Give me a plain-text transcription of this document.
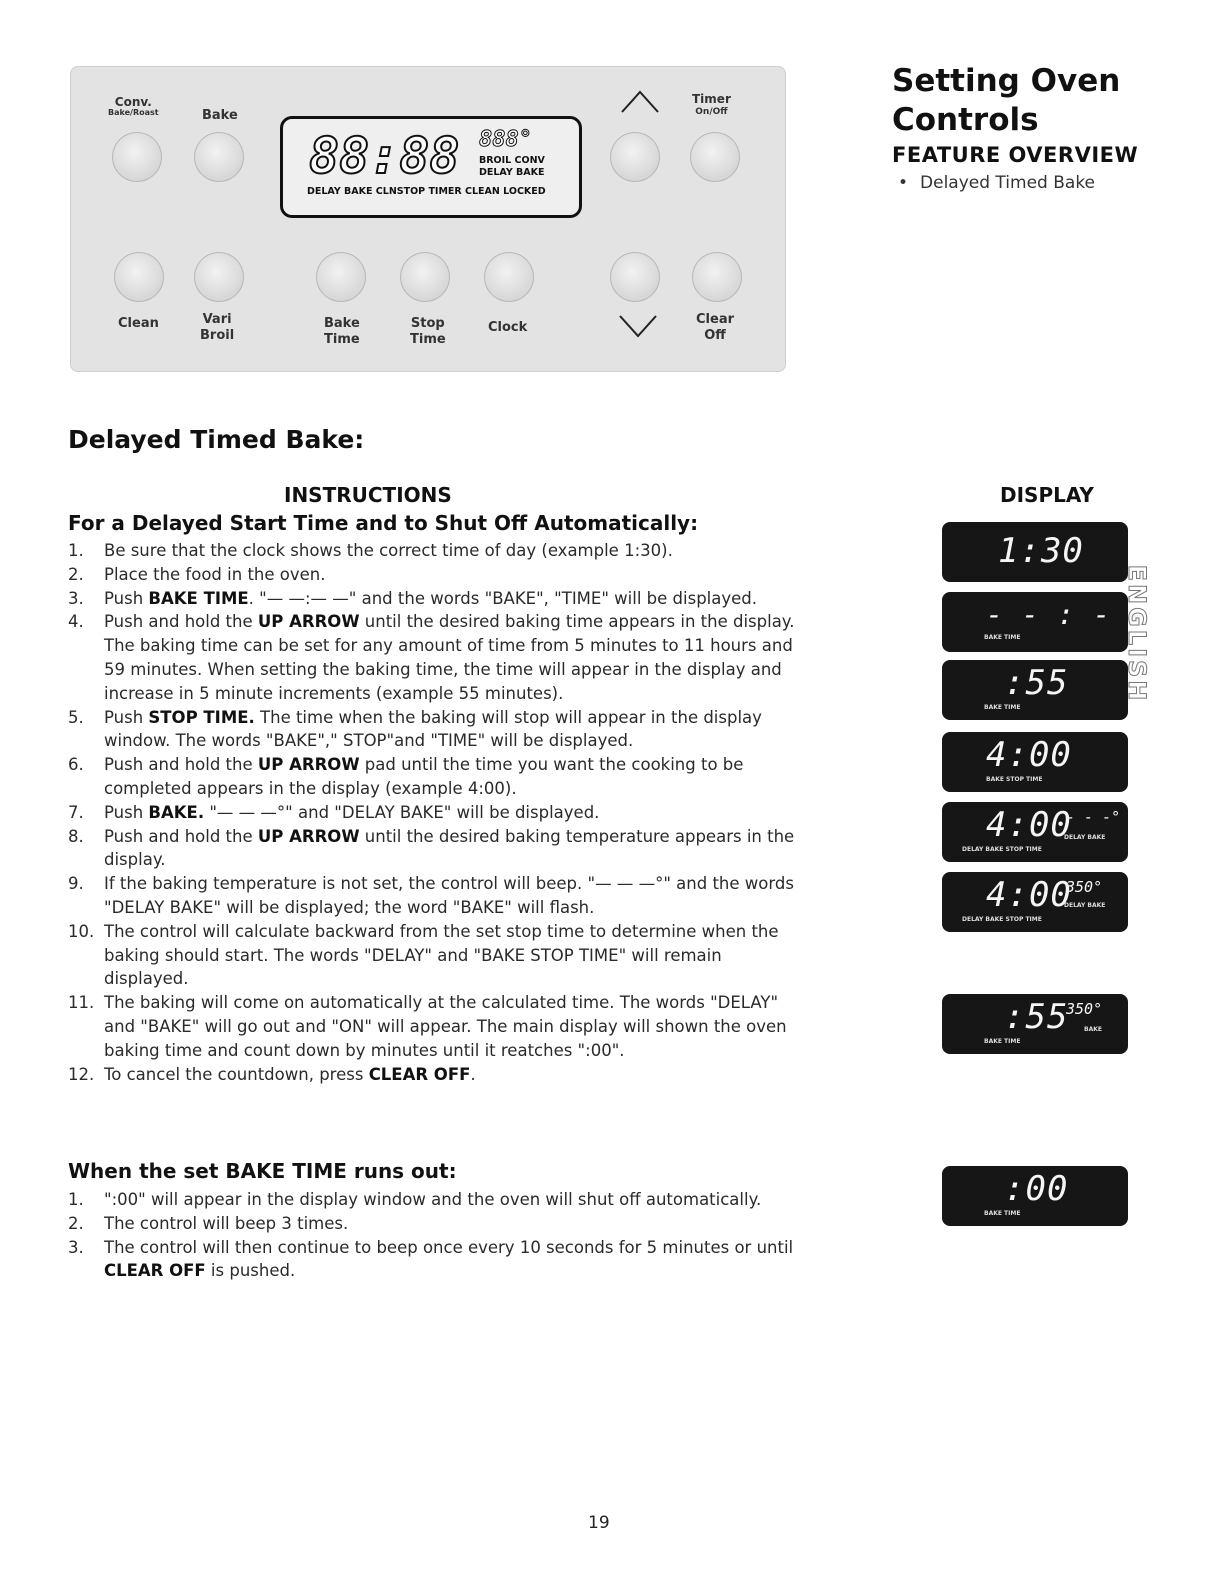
Conv.
Bake/Roast	Bake
88:88 888°
BROIL CONV
DELAY BAKE
DELAY BAKE CLNSTOP TIMER CLEAN LOCKED
Timer
On/Off
Clean	Vari
Broil
Bake
Time
Stop
Time
Clock
Clear
Off
Setting Oven Controls
FEATURE OVERVIEW
• Delayed Timed Bake
Delayed Timed Bake:
INSTRUCTIONS
For a Delayed Start Time and to Shut Off Automatically:
DISPLAY
1. Be sure that the clock shows the correct time of day (example 1:30).
2. Place the food in the oven.
3. Push BAKE TIME. "— —:— —" and the words "BAKE", "TIME" will be displayed.
4. Push and hold the UP ARROW until the desired baking time appears in the display. The baking time can be set for any amount of time from 5 minutes to 11 hours and 59 minutes. When setting the baking time, the time will appear in the display and increase in 5 minute increments (example 55 minutes).
5. Push STOP TIME. The time when the baking will stop will appear in the display window. The words "BAKE"," STOP"and "TIME" will be displayed.
6. Push and hold the UP ARROW pad until the time you want the cooking to be completed appears in the display (example 4:00).
7. Push BAKE. "— — —°" and "DELAY BAKE" will be displayed.
8. Push and hold the UP ARROW until the desired baking temperature appears in the display.
9. If the baking temperature is not set, the control will beep. "— — —°" and the words "DELAY BAKE" will be displayed; the word "BAKE" will flash.
10. The control will calculate backward from the set stop time to determine when the baking should start. The words "DELAY" and "BAKE STOP TIME" will remain displayed.
11. The baking will come on automatically at the calculated time. The words "DELAY" and "BAKE" will go out and "ON" will appear. The main display will shown the oven baking time and count down by minutes until it reatches ":00".
12. To cancel the countdown, press CLEAR OFF.
When the set BAKE TIME runs out:
1. ":00" will appear in the display window and the oven will shut off automatically.
2. The control will beep 3 times.
3. The control will then continue to beep once every 10 seconds for 5 minutes or until CLEAR OFF is pushed.
1:30
- - : - -
BAKE TIME
:55
BAKE TIME
4:00
BAKE STOP TIME
4:00
- - -°
DELAY BAKE
DELAY BAKE STOP TIME
4:00
350°
DELAY BAKE
DELAY BAKE STOP TIME
:55
350°
BAKE
BAKE TIME
:00
BAKE TIME
ENGLISH
19
